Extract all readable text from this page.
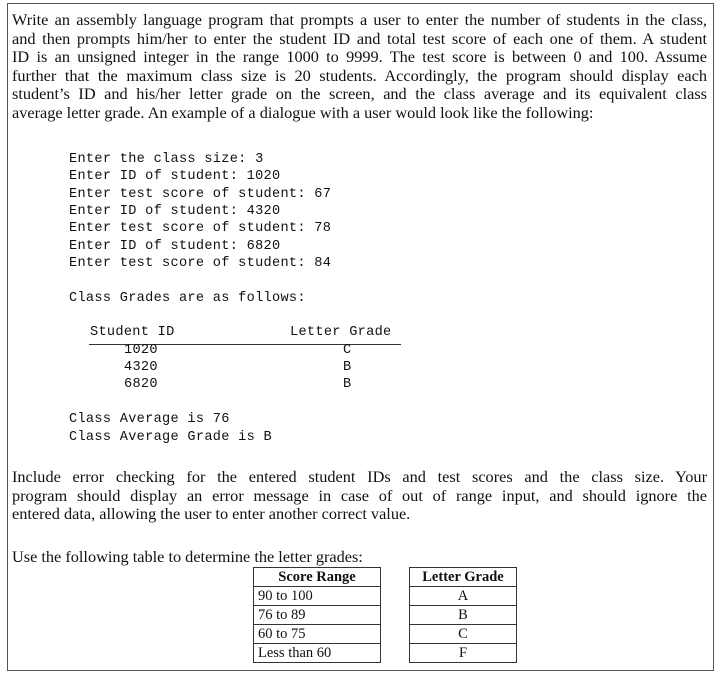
Write an assembly language program that prompts a user to enter the number of students in the class,
and then prompts him/her to enter the student ID and total test score of each one of them. A student
ID is an unsigned integer in the range 1000 to 9999. The test score is between 0 and 100. Assume
further that the maximum class size is 20 students. Accordingly, the program should display each
student’s ID and his/her letter grade on the screen, and the class average and its equivalent class
average letter grade. An example of a dialogue with a user would look like the following:
Enter the class size: 3
Enter ID of student: 1020
Enter test score of student: 67
Enter ID of student: 4320
Enter test score of student: 78
Enter ID of student: 6820
Enter test score of student: 84
Class Grades are as follows:
Student ID	Letter Grade
1020	C
4320	B
6820	B
Class Average is 76
Class Average Grade is B
Include error checking for the entered student IDs and test scores and the class size. Your
program should display an error message in case of out of range input, and should ignore the
entered data, allowing the user to enter another correct value.
Use the following table to determine the letter grades:
Score Range		Letter Grade
90 to 100		A
76 to 89		B
60 to 75		C
Less than 60		F
